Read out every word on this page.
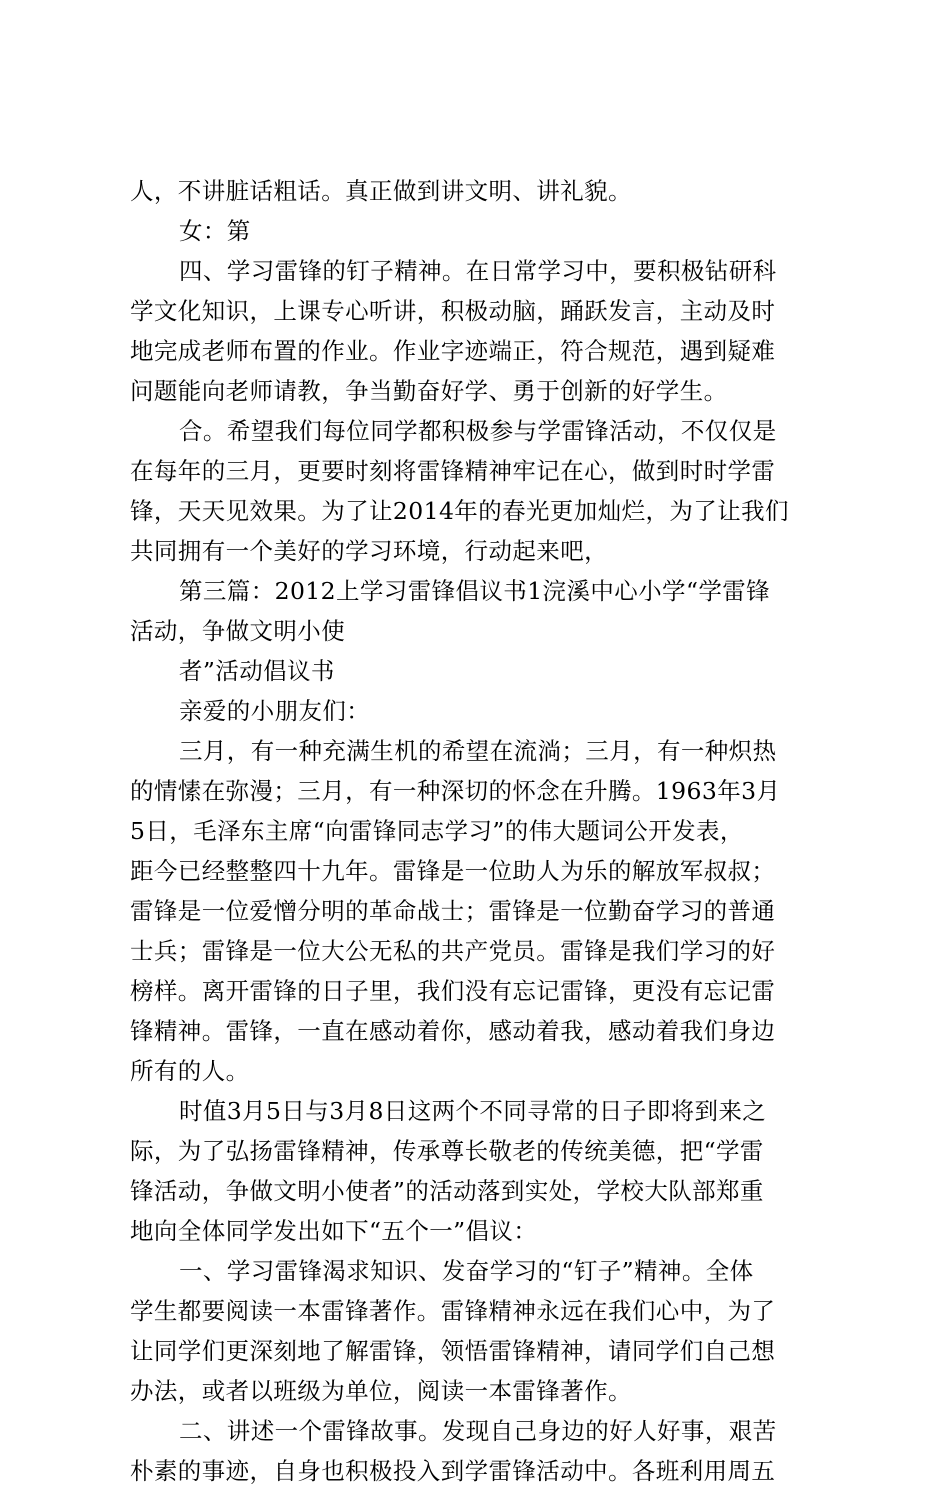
人，不讲脏话粗话。真正做到讲文明、讲礼貌。
女：第
四、学习雷锋的钉子精神。在日常学习中，要积极钻研科
学文化知识，上课专心听讲，积极动脑，踊跃发言，主动及时
地完成老师布置的作业。作业字迹端正，符合规范，遇到疑难
问题能向老师请教，争当勤奋好学、勇于创新的好学生。
合。希望我们每位同学都积极参与学雷锋活动，不仅仅是
在每年的三月，更要时刻将雷锋精神牢记在心，做到时时学雷
锋，天天见效果。为了让2014年的春光更加灿烂，为了让我们
共同拥有一个美好的学习环境，行动起来吧，
第三篇：2012上学习雷锋倡议书1浣溪中心小学“学雷锋
活动，争做文明小使
者”活动倡议书
亲爱的小朋友们：
三月，有一种充满生机的希望在流淌；三月，有一种炽热
的情愫在弥漫；三月，有一种深切的怀念在升腾。1963年3月
5日，毛泽东主席“向雷锋同志学习”的伟大题词公开发表，
距今已经整整四十九年。雷锋是一位助人为乐的解放军叔叔；
雷锋是一位爱憎分明的革命战士；雷锋是一位勤奋学习的普通
士兵；雷锋是一位大公无私的共产党员。雷锋是我们学习的好
榜样。离开雷锋的日子里，我们没有忘记雷锋，更没有忘记雷
锋精神。雷锋，一直在感动着你，感动着我，感动着我们身边
所有的人。
时值3月5日与3月8日这两个不同寻常的日子即将到来之
际，为了弘扬雷锋精神，传承尊长敬老的传统美德，把“学雷
锋活动，争做文明小使者”的活动落到实处，学校大队部郑重
地向全体同学发出如下“五个一”倡议：
一、学习雷锋渴求知识、发奋学习的“钉子”精神。全体
学生都要阅读一本雷锋著作。雷锋精神永远在我们心中，为了
让同学们更深刻地了解雷锋，领悟雷锋精神，请同学们自己想
办法，或者以班级为单位，阅读一本雷锋著作。
二、讲述一个雷锋故事。发现自己身边的好人好事，艰苦
朴素的事迹，自身也积极投入到学雷锋活动中。各班利用周五
